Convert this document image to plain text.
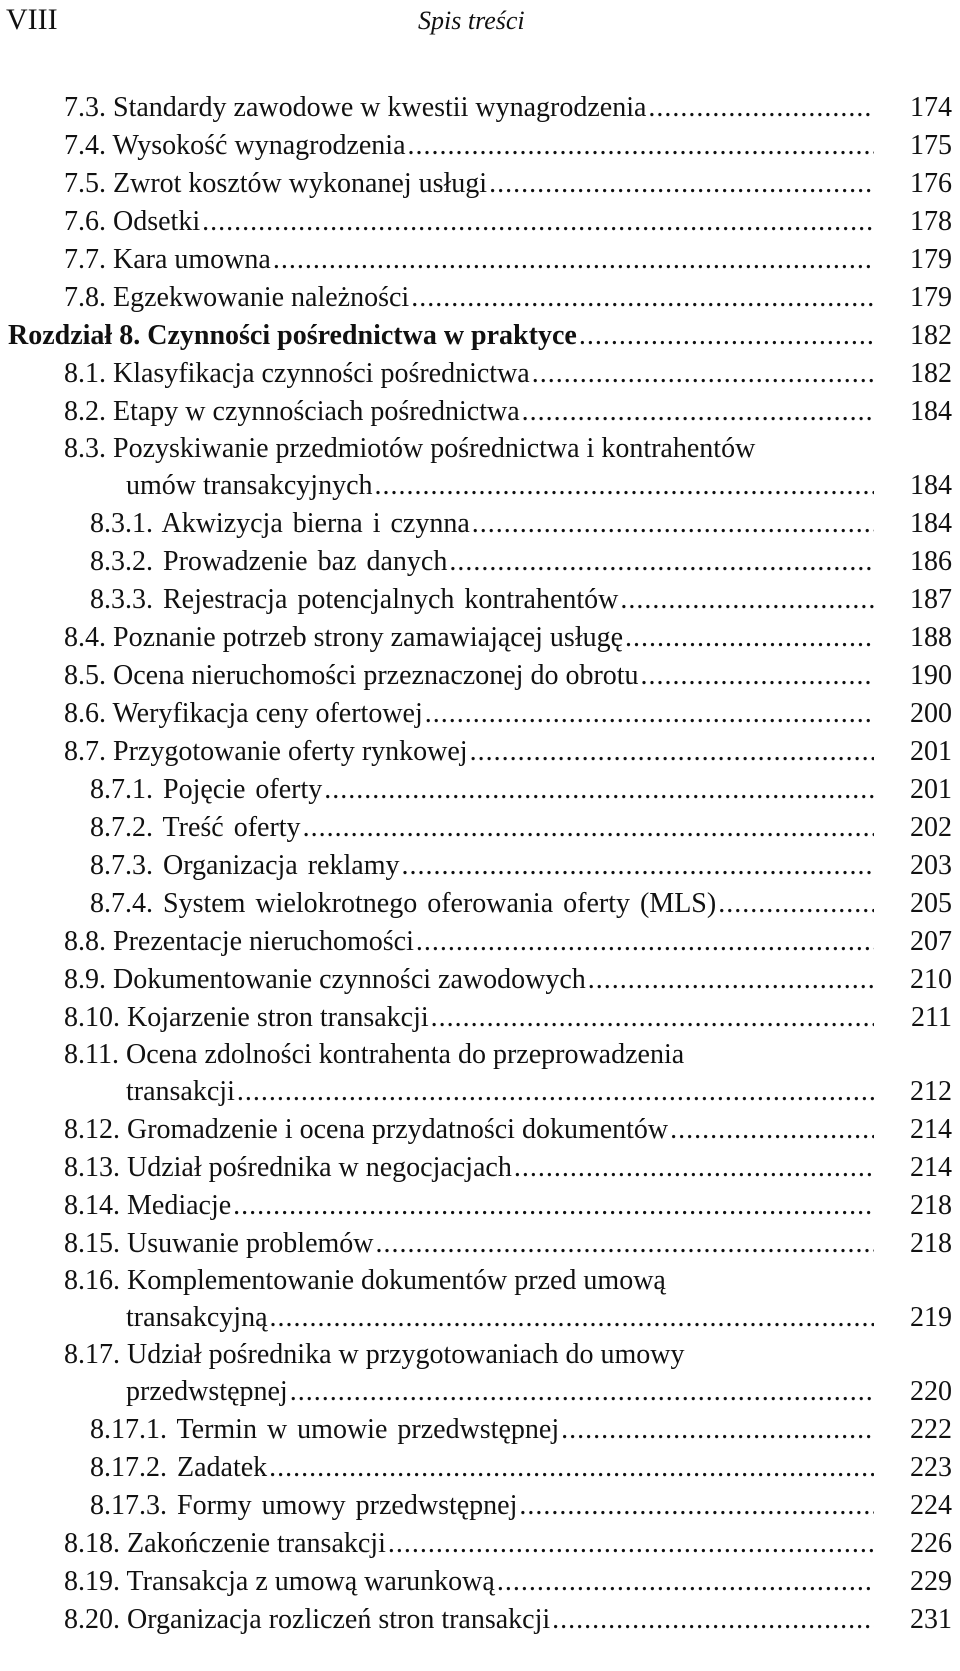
VIII	Spis treści
7.3. Standardy zawodowe w kwestii wynagrodzenia .....	174
7.4. Wysokość wynagrodzenia .....	175
7.5. Zwrot kosztów wykonanej usługi .....	176
7.6. Odsetki .....	178
7.7. Kara umowna .....	179
7.8. Egzekwowanie należności .....	179
Rozdział 8. Czynności pośrednictwa w praktyce .....	182
8.1. Klasyfikacja czynności pośrednictwa .....	182
8.2. Etapy w czynnościach pośrednictwa .....	184
8.3. Pozyskiwanie przedmiotów pośrednictwa i kontrahentów
umów transakcyjnych .....	184
8.3.1. Akwizycja bierna i czynna .....	184
8.3.2. Prowadzenie baz danych .....	186
8.3.3. Rejestracja potencjalnych kontrahentów .....	187
8.4. Poznanie potrzeb strony zamawiającej usługę .....	188
8.5. Ocena nieruchomości przeznaczonej do obrotu .....	190
8.6. Weryfikacja ceny ofertowej .....	200
8.7. Przygotowanie oferty rynkowej .....	201
8.7.1. Pojęcie oferty .....	201
8.7.2. Treść oferty .....	202
8.7.3. Organizacja reklamy .....	203
8.7.4. System wielokrotnego oferowania oferty (MLS) .....	205
8.8. Prezentacje nieruchomości .....	207
8.9. Dokumentowanie czynności zawodowych .....	210
8.10. Kojarzenie stron transakcji .....	211
8.11. Ocena zdolności kontrahenta do przeprowadzenia
transakcji .....	212
8.12. Gromadzenie i ocena przydatności dokumentów .....	214
8.13. Udział pośrednika w negocjacjach .....	214
8.14. Mediacje .....	218
8.15. Usuwanie problemów .....	218
8.16. Komplementowanie dokumentów przed umową
transakcyjną .....	219
8.17. Udział pośrednika w przygotowaniach do umowy
przedwstępnej .....	220
8.17.1. Termin w umowie przedwstępnej .....	222
8.17.2. Zadatek .....	223
8.17.3. Formy umowy przedwstępnej .....	224
8.18. Zakończenie transakcji .....	226
8.19. Transakcja z umową warunkową .....	229
8.20. Organizacja rozliczeń stron transakcji .....	231
